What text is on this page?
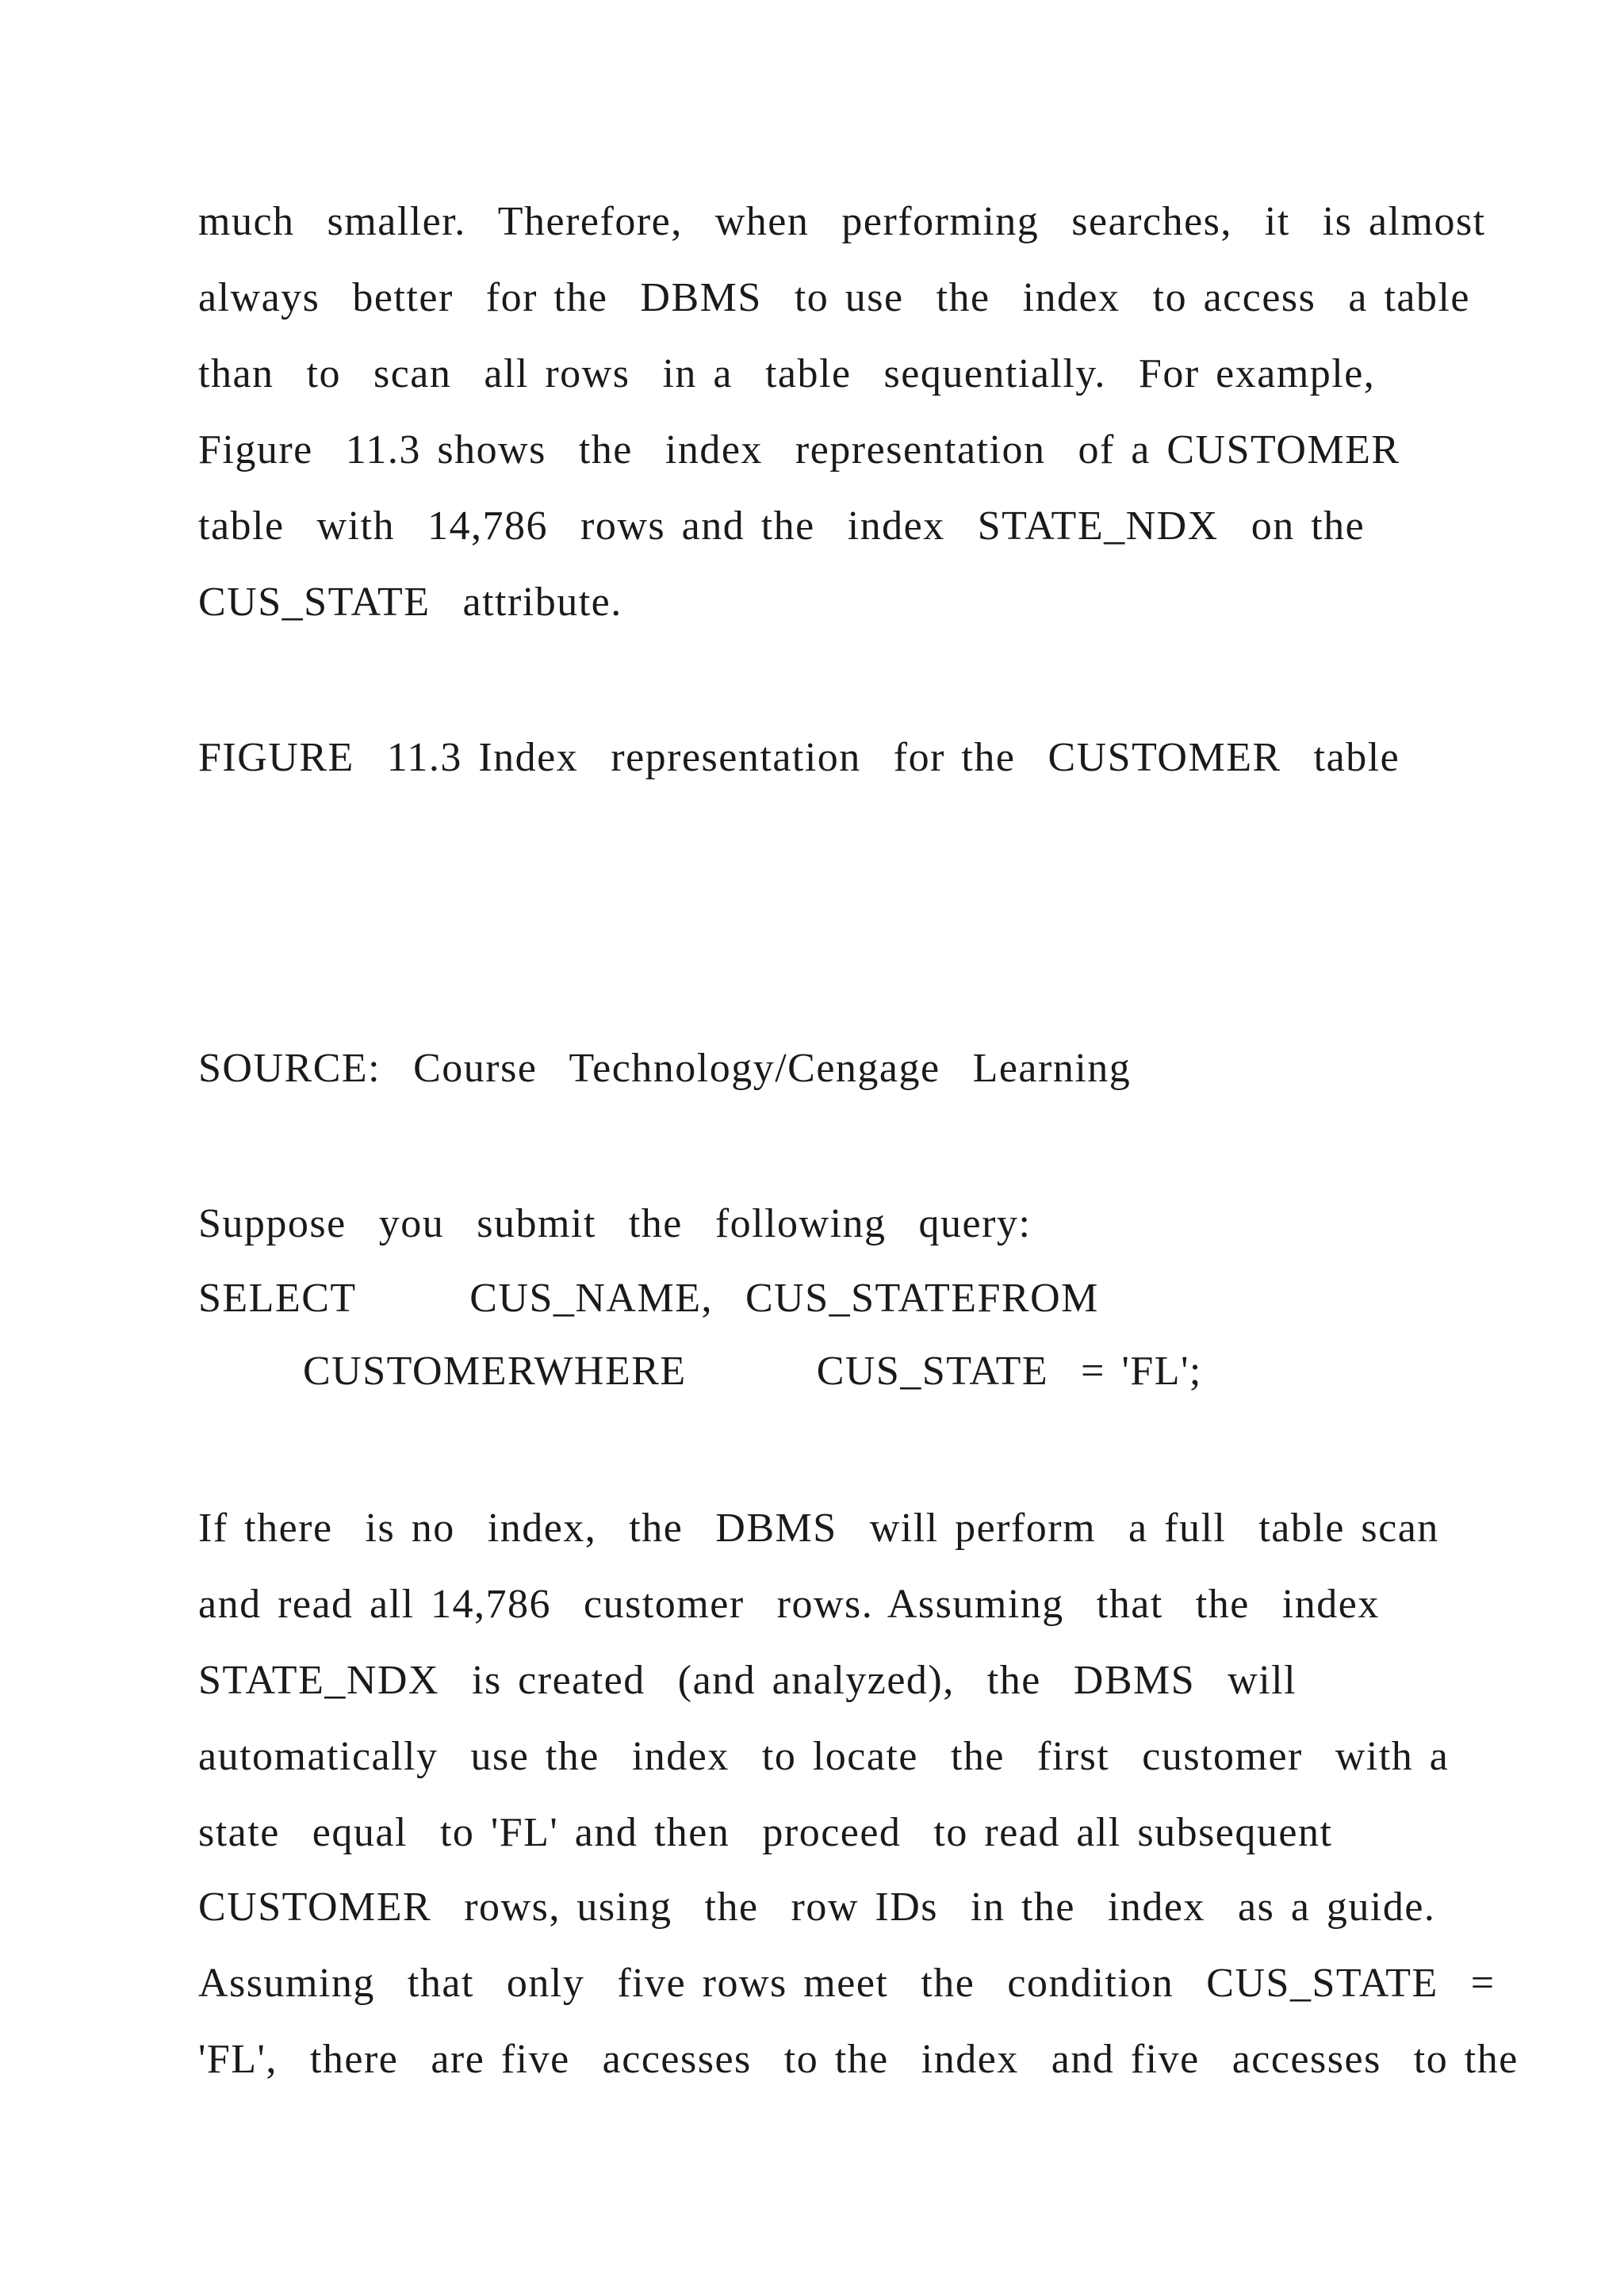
much  smaller.  Therefore,  when  performing  searches,  it  is almost
always  better  for the  DBMS  to use  the  index  to access  a table
than  to  scan  all rows  in a  table  sequentially.  For example,
Figure  11.3 shows  the  index  representation  of a CUSTOMER
table  with  14,786  rows and the  index  STATE_NDX  on the
CUS_STATE  attribute.
FIGURE  11.3 Index  representation  for the  CUSTOMER  table
SOURCE:  Course  Technology/Cengage  Learning
Suppose  you  submit  the  following  query:
SELECT       CUS_NAME,  CUS_STATEFROM
CUSTOMERWHERE        CUS_STATE  = 'FL';
If there  is no  index,  the  DBMS  will perform  a full  table scan
and read all 14,786  customer  rows. Assuming  that  the  index
STATE_NDX  is created  (and analyzed),  the  DBMS  will
automatically  use the  index  to locate  the  first  customer  with a
state  equal  to 'FL' and then  proceed  to read all subsequent
CUSTOMER  rows, using  the  row IDs  in the  index  as a guide.
Assuming  that  only  five rows meet  the  condition  CUS_STATE  =
'FL',  there  are five  accesses  to the  index  and five  accesses  to the
